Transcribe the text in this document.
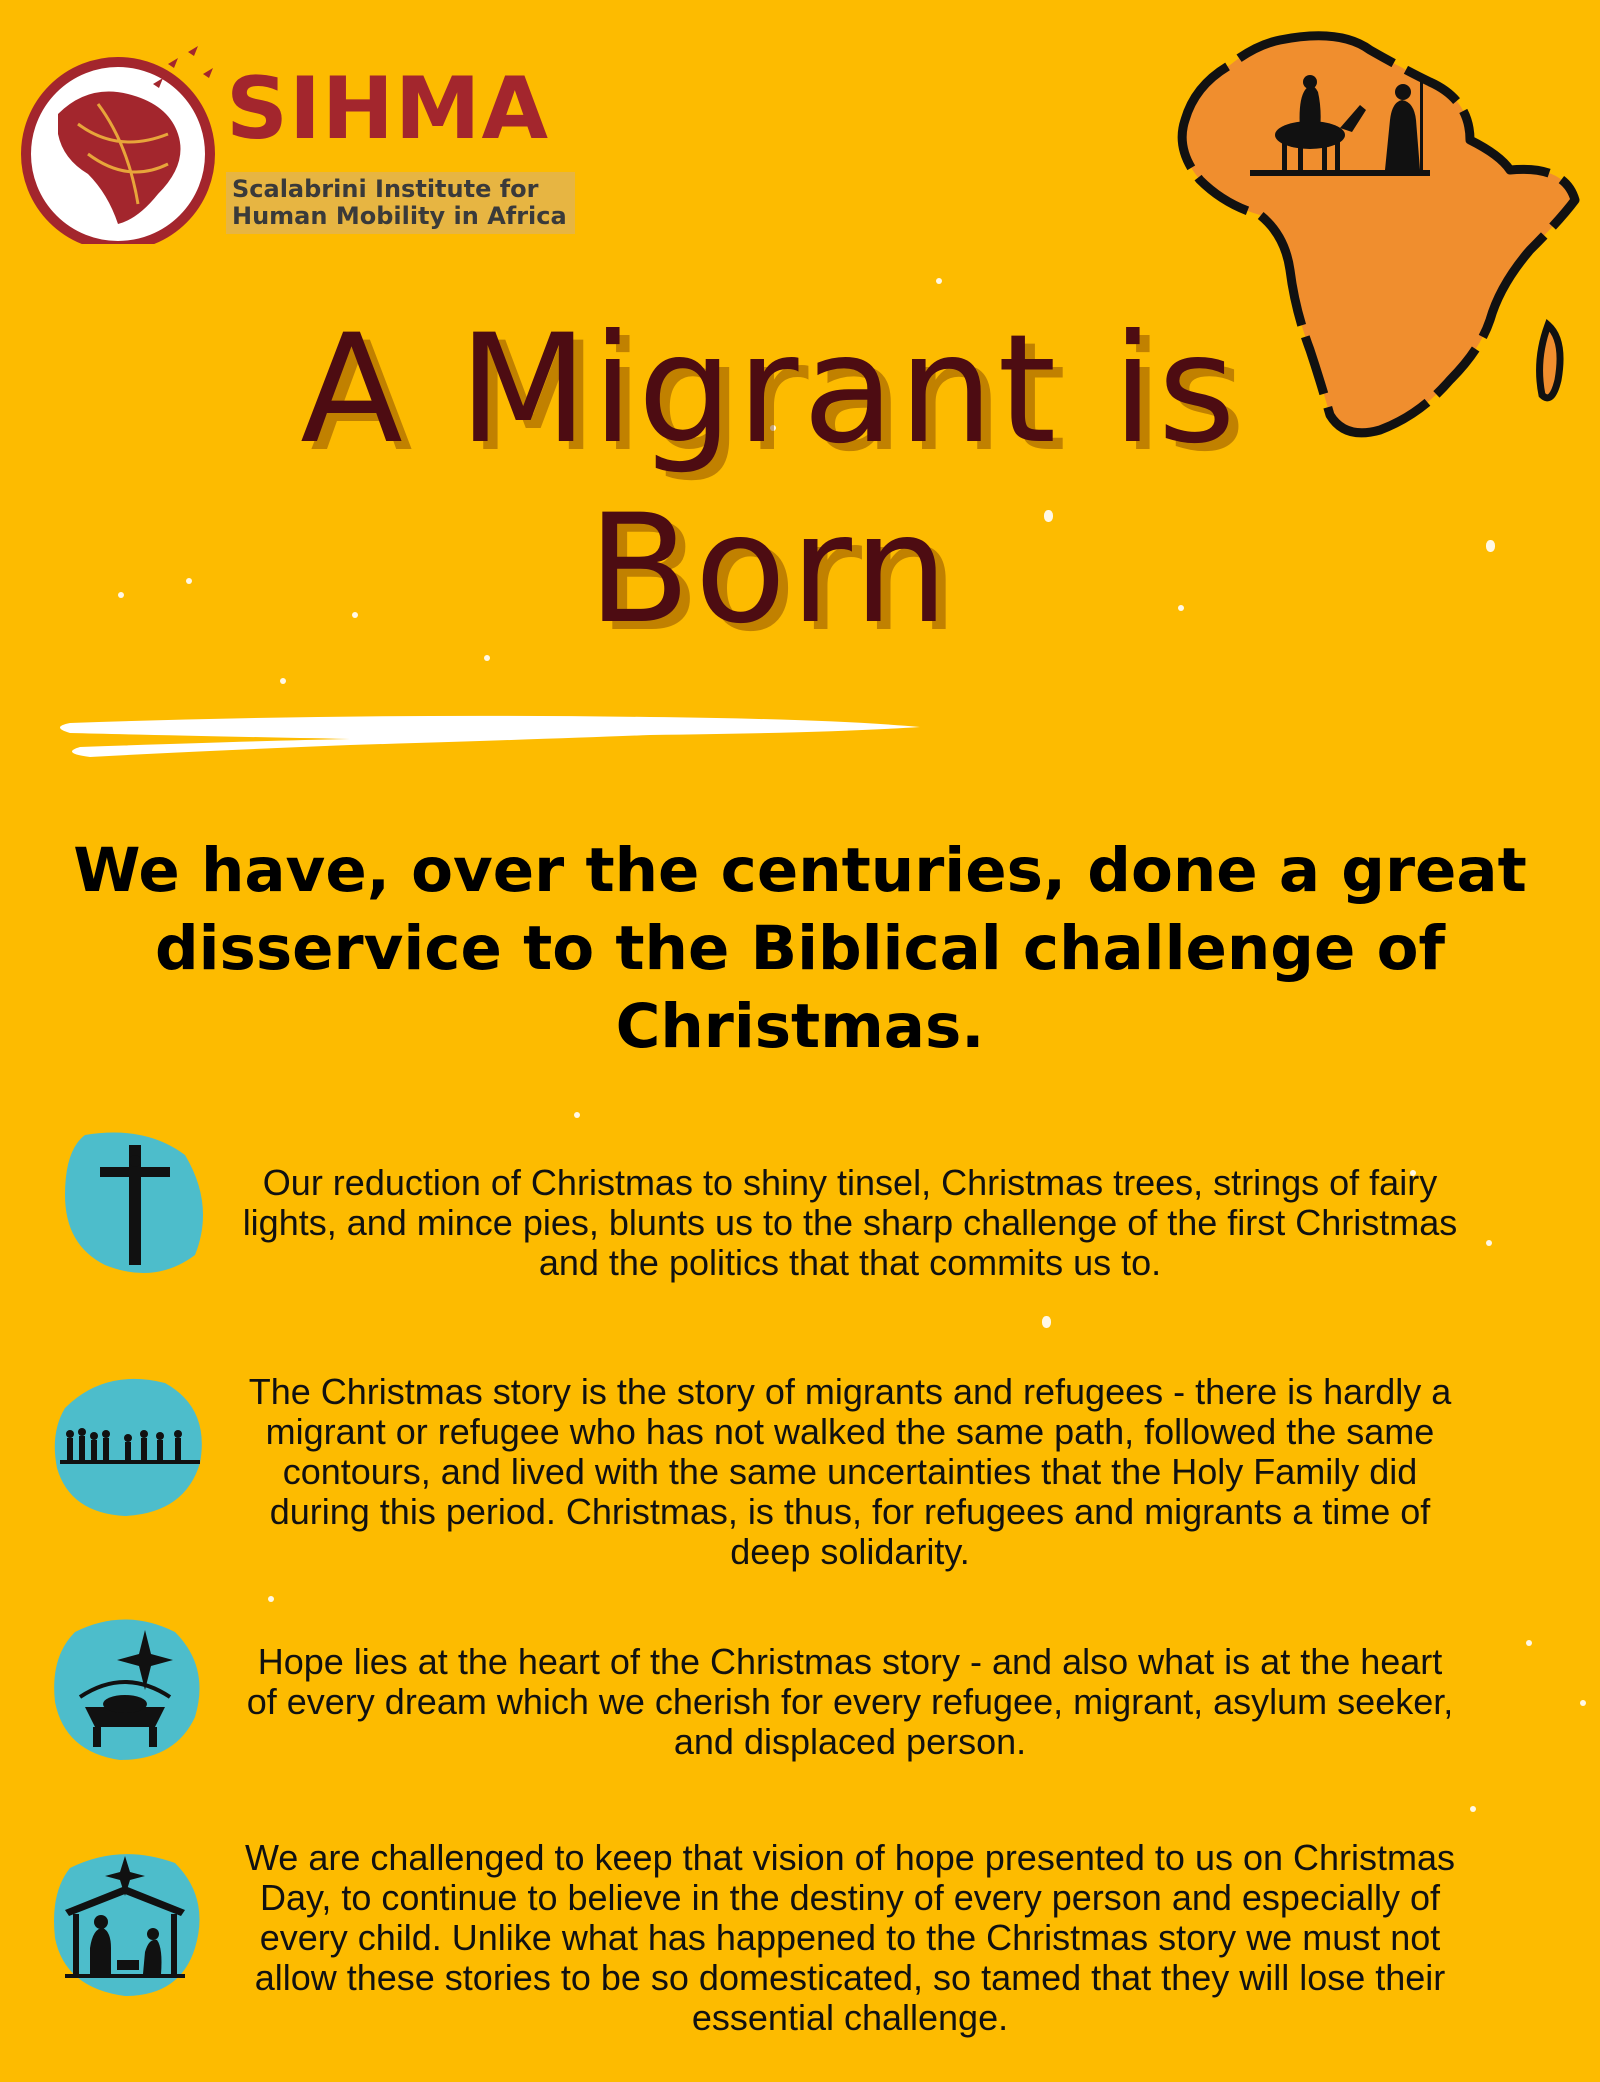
SIHMA
Scalabrini Institute for
Human Mobility in Africa
A Migrant is
Born
We have, over the centuries, done a great disservice to the Biblical challenge of Christmas.
Our reduction of Christmas to shiny tinsel, Christmas trees, strings of fairy lights, and mince pies, blunts us to the sharp challenge of the first Christmas and the politics that that commits us to.
The Christmas story is the story of migrants and refugees - there is hardly a migrant or refugee who has not walked the same path, followed the same contours, and lived with the same uncertainties that the Holy Family did during this period. Christmas, is thus, for refugees and migrants a time of deep solidarity.
Hope lies at the heart of the Christmas story - and also what is at the heart of every dream which we cherish for every refugee, migrant, asylum seeker, and displaced person.
We are challenged to keep that vision of hope presented to us on Christmas Day, to continue to believe in the destiny of every person and especially of every child. Unlike what has happened to the Christmas story we must not allow these stories to be so domesticated, so tamed that they will lose their essential challenge.
